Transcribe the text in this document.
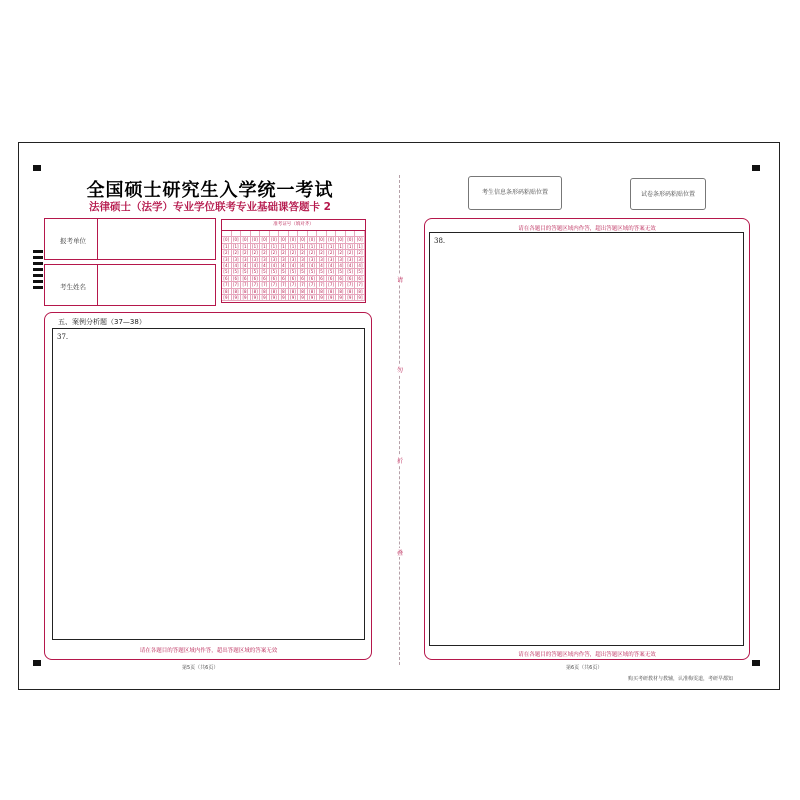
全国硕士研究生入学统一考试
法律硕士（法学）专业学位联考专业基础课答题卡 2
报考单位
考生姓名
准考证号（填对齐）
[0] [0] [0] [0] [0] [0] [0] [0] [0] [0] [0] [0] [0] [0] [0]
[1] [1] [1] [1] [1] [1] [1] [1] [1] [1] [1] [1] [1] [1] [1]
[2] [2] [2] [2] [2] [2] [2] [2] [2] [2] [2] [2] [2] [2] [2]
[3] [3] [3] [3] [3] [3] [3] [3] [3] [3] [3] [3] [3] [3] [3]
[4] [4] [4] [4] [4] [4] [4] [4] [4] [4] [4] [4] [4] [4] [4]
[5] [5] [5] [5] [5] [5] [5] [5] [5] [5] [5] [5] [5] [5] [5]
[6] [6] [6] [6] [6] [6] [6] [6] [6] [6] [6] [6] [6] [6] [6]
[7] [7] [7] [7] [7] [7] [7] [7] [7] [7] [7] [7] [7] [7] [7]
[8] [8] [8] [8] [8] [8] [8] [8] [8] [8] [8] [8] [8] [8] [8]
[9] [9] [9] [9] [9] [9] [9] [9] [9] [9] [9] [9] [9] [9] [9]
五、案例分析题（37—38）
37.
请在各题目的答题区域内作答，超出答题区域的答案无效
第5页（共6页）
请
勿
折
叠
考生信息条形码粘贴位置	试卷条形码粘贴位置
请在各题目的答题区域内作答，超出答题区域的答案无效
38.
请在各题目的答题区域内作答，超出答题区域的答案无效
第6页（共6页）
购买考研教材与教辅，认准梅雯道，考研早都知
